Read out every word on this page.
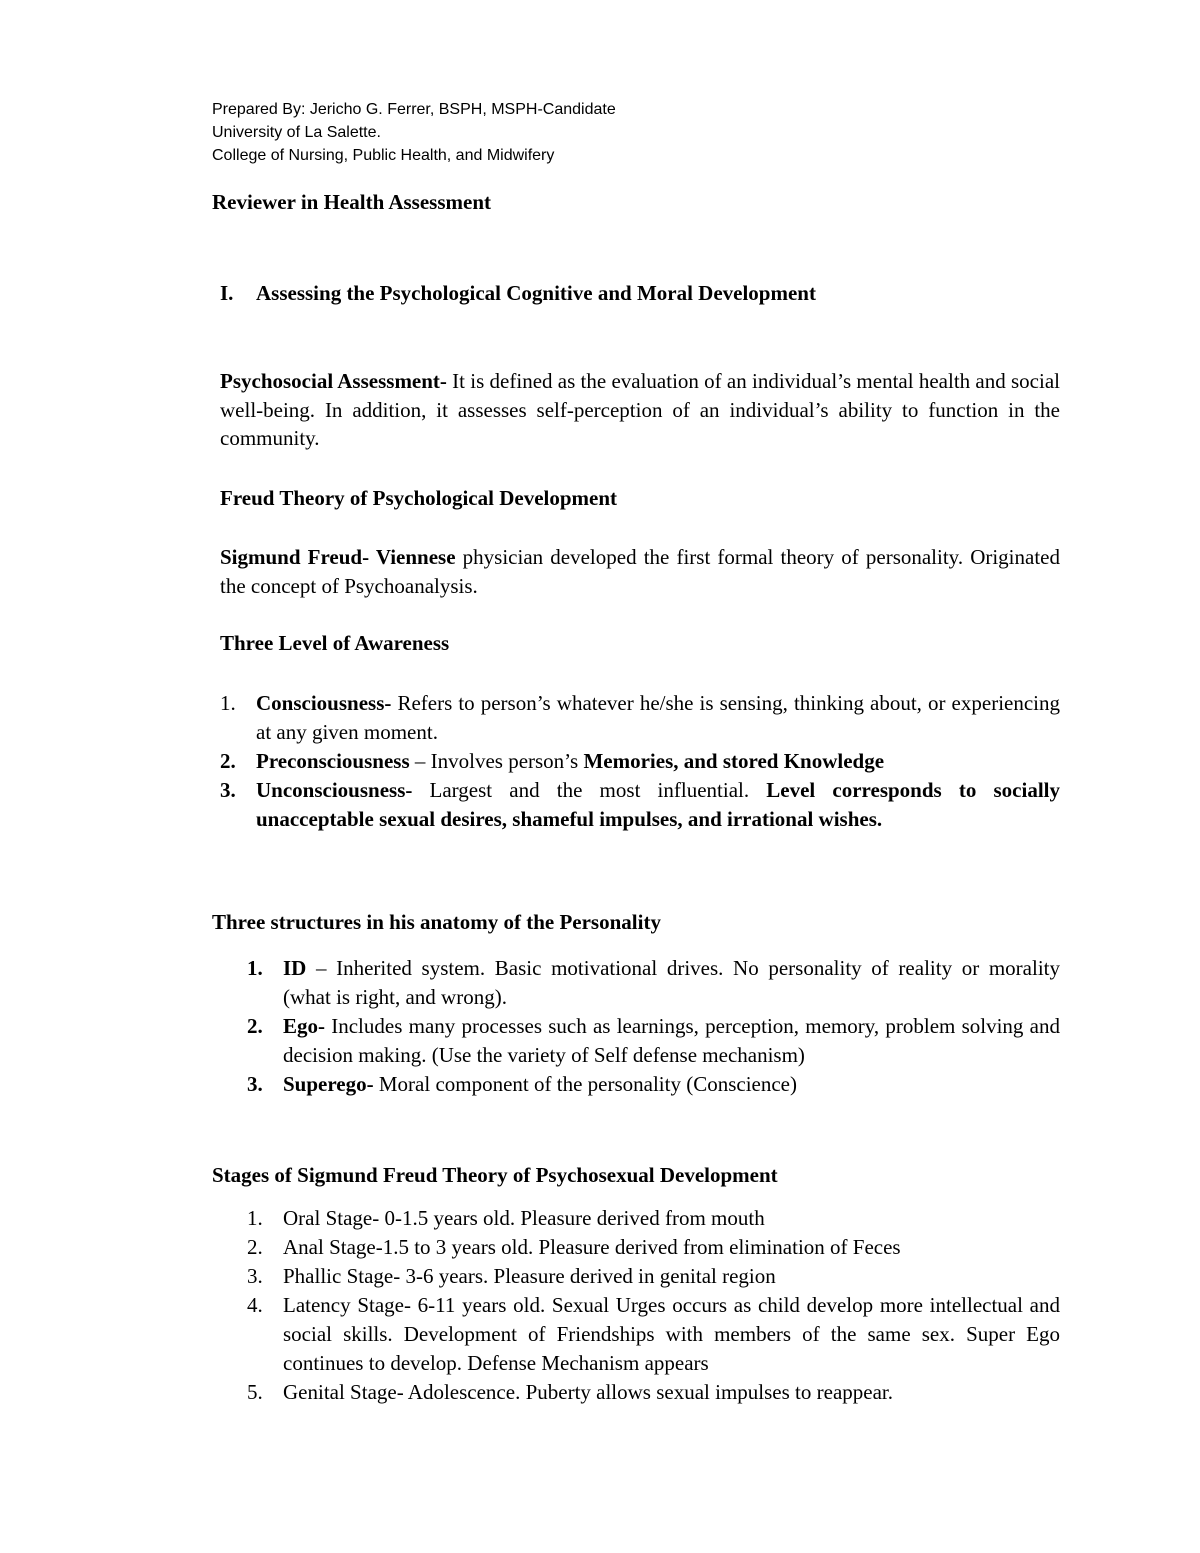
Prepared By: Jericho G. Ferrer, BSPH, MSPH-Candidate
University of La Salette.
College of Nursing, Public Health, and Midwifery
Reviewer in Health Assessment
I. Assessing the Psychological Cognitive and Moral Development
Psychosocial Assessment- It is defined as the evaluation of an individual’s mental health and social well-being. In addition, it assesses self-perception of an individual’s ability to function in the community.
Freud Theory of Psychological Development
Sigmund Freud- Viennese physician developed the first formal theory of personality. Originated the concept of Psychoanalysis.
Three Level of Awareness
1. Consciousness- Refers to person’s whatever he/she is sensing, thinking about, or experiencing at any given moment.
2. Preconsciousness – Involves person’s Memories, and stored Knowledge
3. Unconsciousness- Largest and the most influential. Level corresponds to socially unacceptable sexual desires, shameful impulses, and irrational wishes.
Three structures in his anatomy of the Personality
1. ID – Inherited system. Basic motivational drives. No personality of reality or morality (what is right, and wrong).
2. Ego- Includes many processes such as learnings, perception, memory, problem solving and decision making. (Use the variety of Self defense mechanism)
3. Superego- Moral component of the personality (Conscience)
Stages of Sigmund Freud Theory of Psychosexual Development
1. Oral Stage- 0-1.5 years old. Pleasure derived from mouth
2. Anal Stage-1.5 to 3 years old. Pleasure derived from elimination of Feces
3. Phallic Stage- 3-6 years. Pleasure derived in genital region
4. Latency Stage- 6-11 years old. Sexual Urges occurs as child develop more intellectual and social skills. Development of Friendships with members of the same sex. Super Ego continues to develop. Defense Mechanism appears
5. Genital Stage- Adolescence. Puberty allows sexual impulses to reappear.
